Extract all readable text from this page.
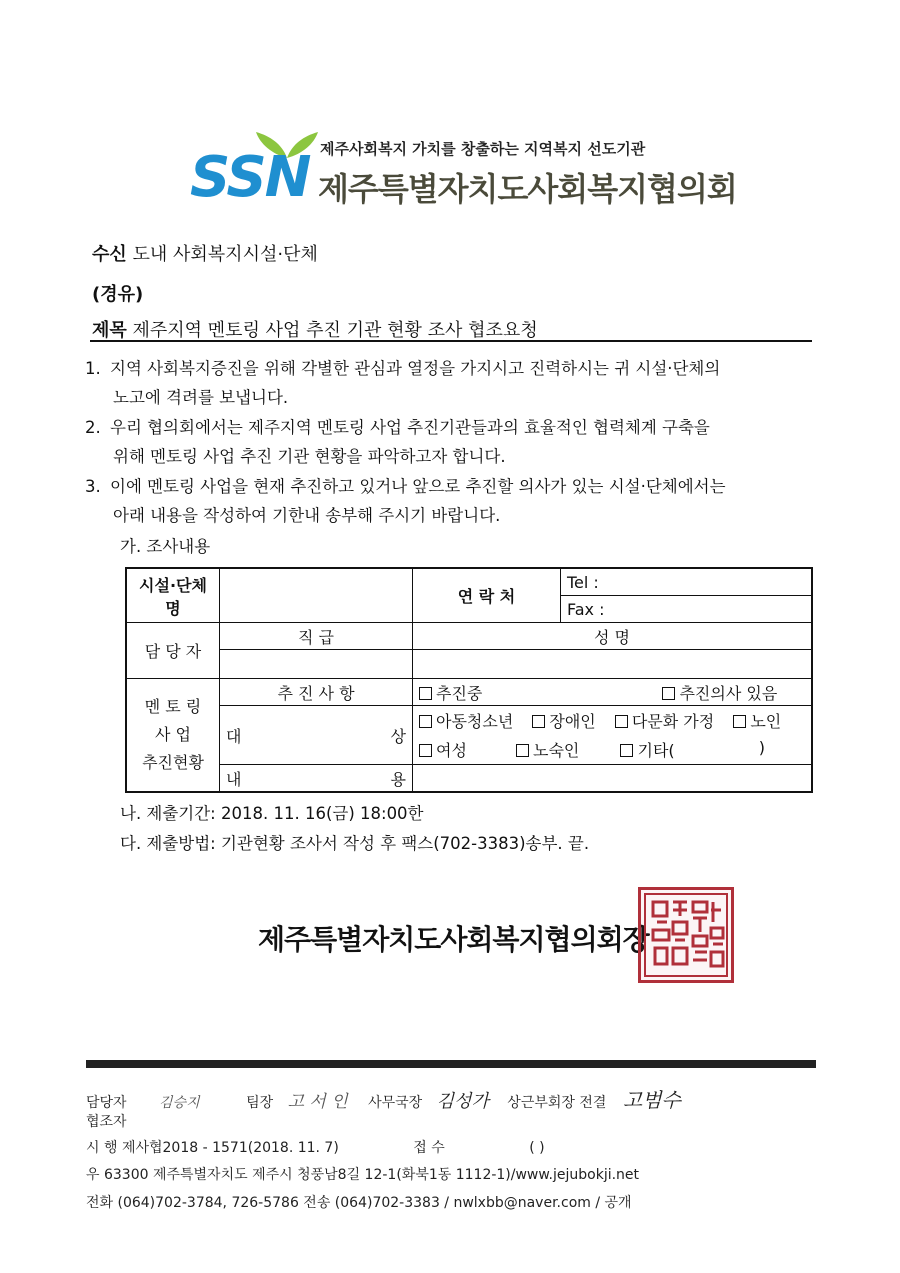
SSN 제주사회복지 가치를 창출하는 지역복지 선도기관
제주특별자치도사회복지협의회
수신 도내 사회복지시설·단체
(경유)
제목 제주지역 멘토링 사업 추진 기관 현황 조사 협조요청
1. 지역 사회복지증진을 위해 각별한 관심과 열정을 가지시고 진력하시는 귀 시설·단체의
노고에 격려를 보냅니다.
2. 우리 협의회에서는 제주지역 멘토링 사업 추진기관들과의 효율적인 협력체계 구축을
위해 멘토링 사업 추진 기관 현황을 파악하고자 합니다.
3. 이에 멘토링 사업을 현재 추진하고 있거나 앞으로 추진할 의사가 있는 시설·단체에서는
아래 내용을 작성하여 기한내 송부해 주시기 바랍니다.
가. 조사내용
시설·단체명		연 락 처	Tel :
			Fax :
담 당 자	직 급	성 명	

멘 토 링
사 업
추진현황	추 진 사 항	추진중 추진의사 있음	
	대 상	아동청소년 장애인 다문화 가정 노인	
		여성 노숙인 기타( )	

	내 용		

나. 제출기간: 2018. 11. 16(금) 18:00한
다. 제출방법: 기관현황 조사서 작성 후 팩스(702-3383)송부. 끝.
제주특별자치도사회복지협의회장
담당자 김승지	팀장 고 서 인 사무국장 김성가 상근부회장 전결 고범수
협조자
시 행 제사협2018 - 1571(2018. 11. 7)	접 수	( )
우 63300 제주특별자치도 제주시 청풍남8길 12-1(화북1동 1112-1)/www.jejubokji.net
전화 (064)702-3784, 726-5786 전송 (064)702-3383 / nwlxbb@naver.com / 공개
